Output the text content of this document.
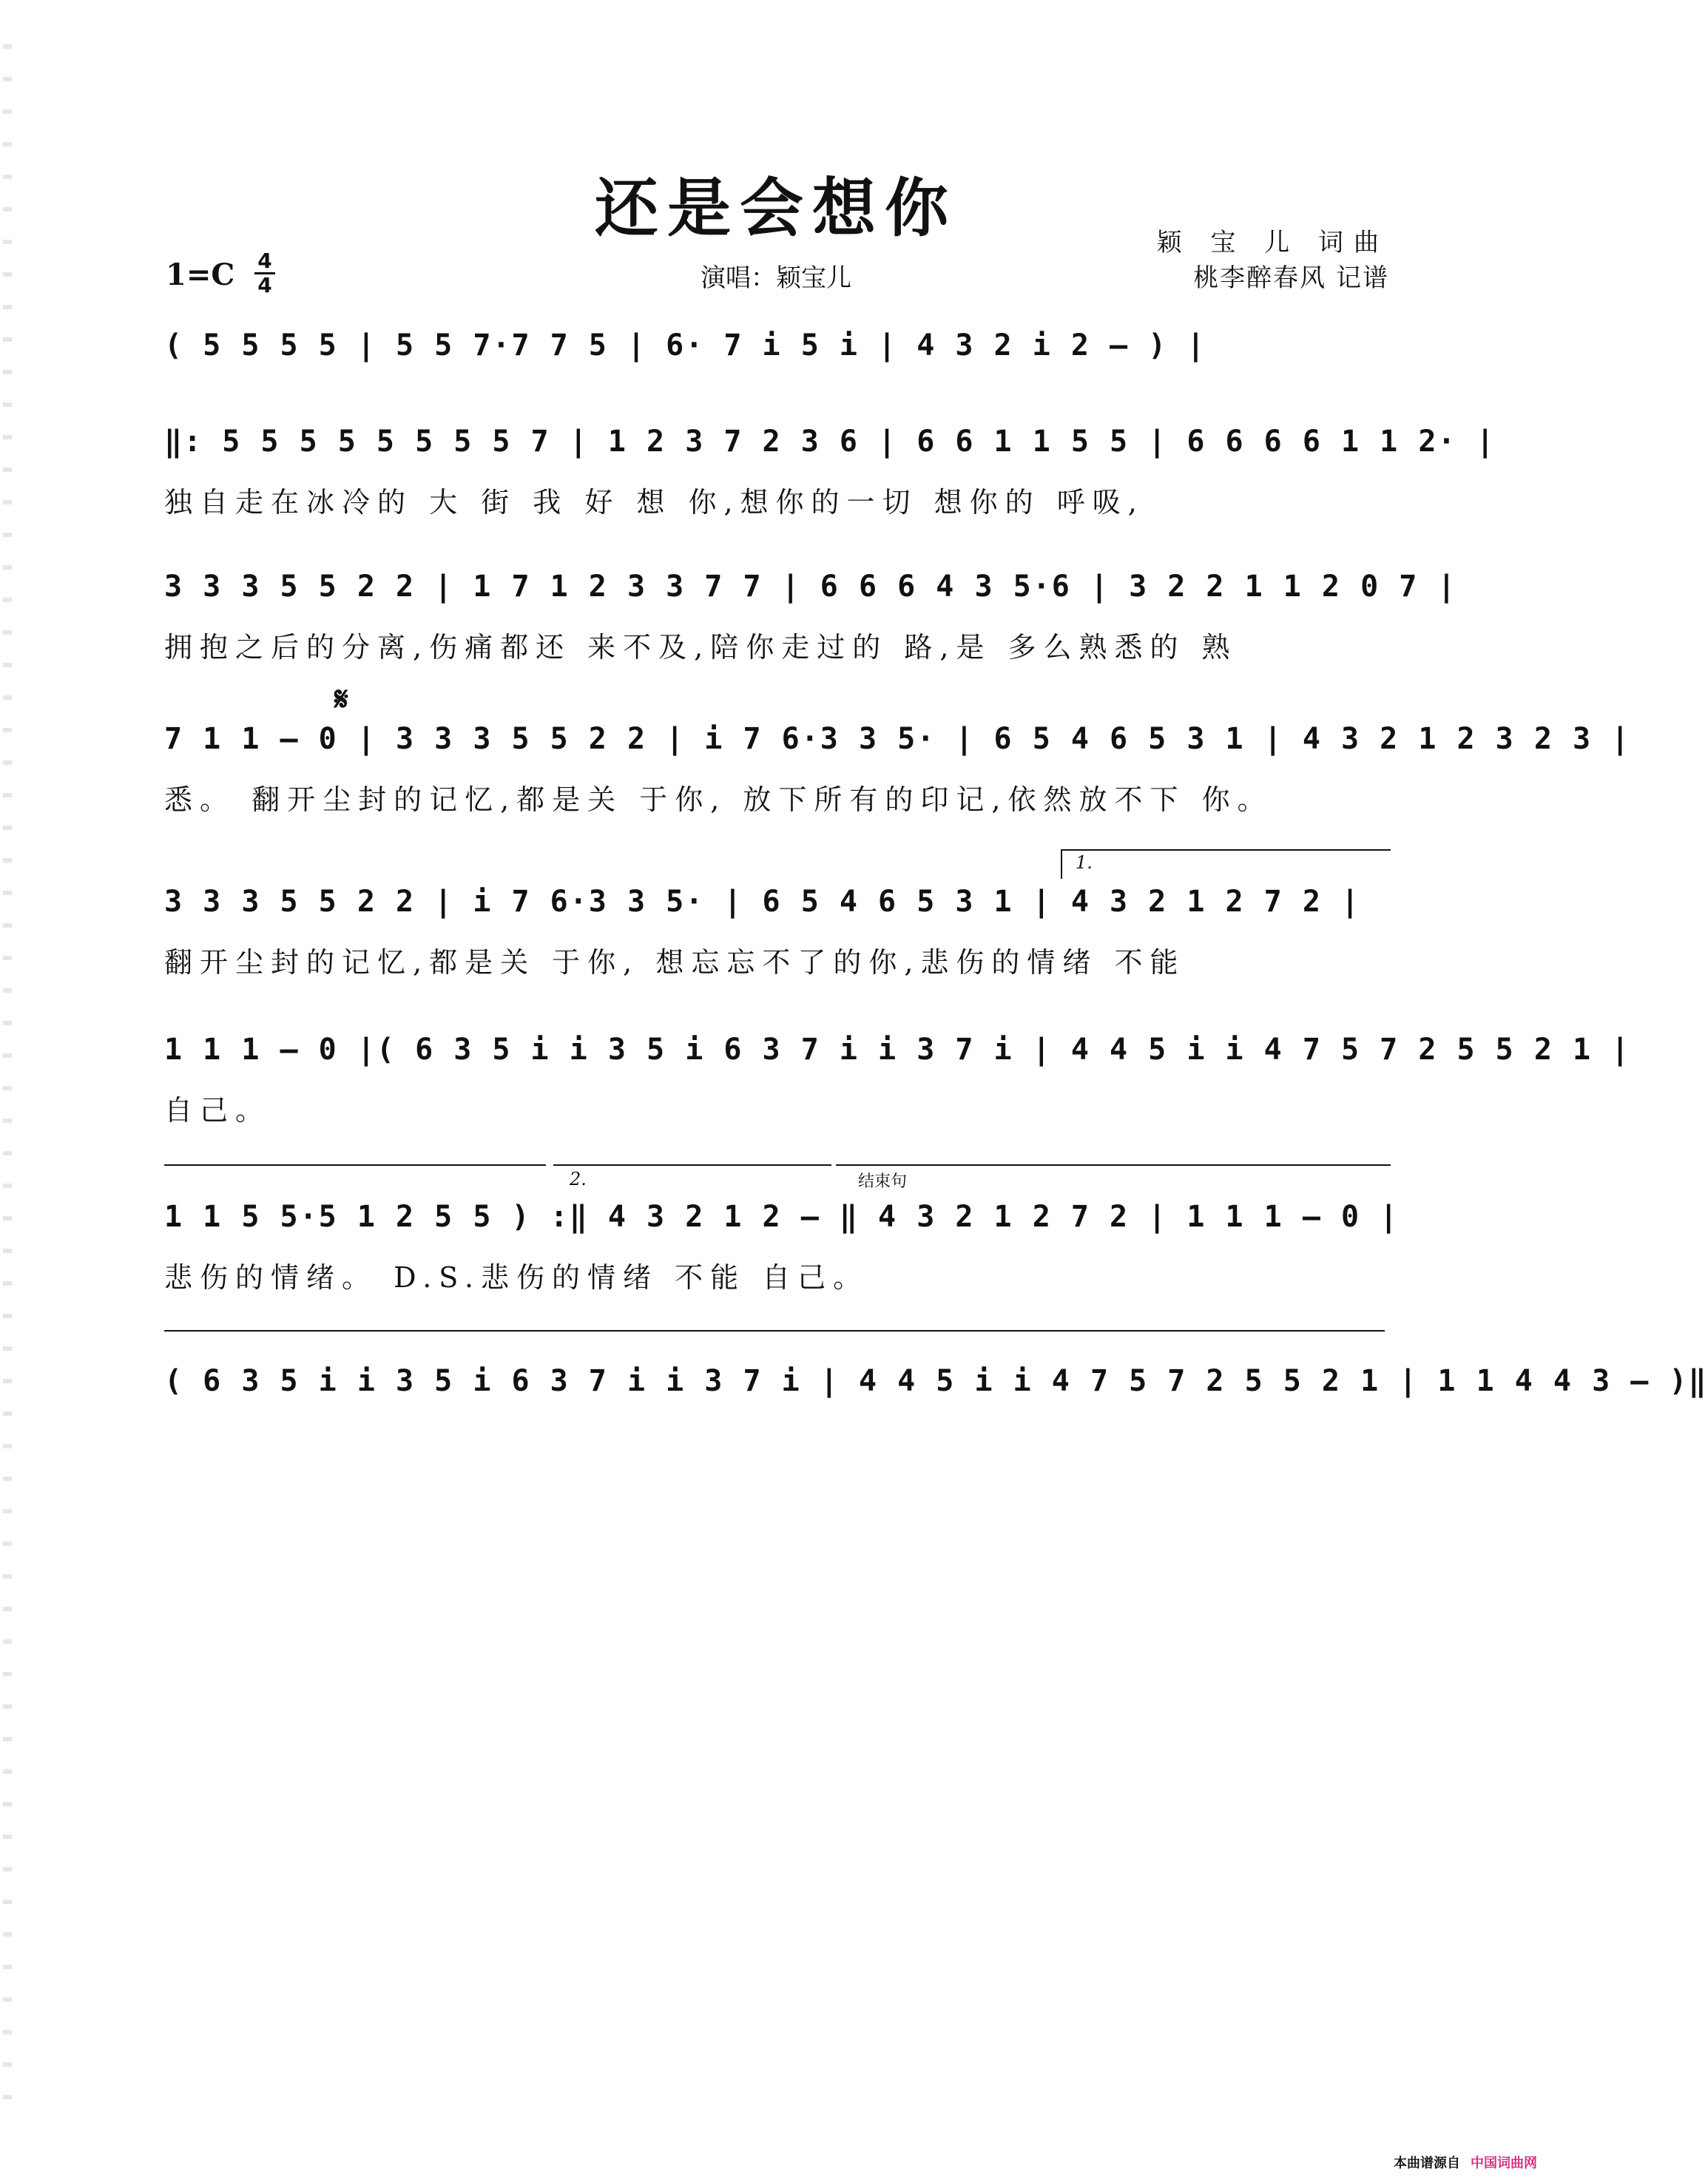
还是会想你
1=C 4
4	演唱：颖宝儿
颖 宝 儿 词曲
桃李醉春风 记谱
( 5 5 5 5 | 5 5 7·7 7 5 | 6· 7 i 5 i | 4 3 2 i 2 – ) |
‖: 5 5 5 5 5 5 5 5 7 | 1 2 3 7 2 3 6 | 6 6 1 1 5 5 | 6 6 6 6 1 1 2· |
独自走在冰冷的 大 街 我 好 想 你,想你的一切 想你的 呼吸,
3 3 3 5 5 2 2 | 1 7 1 2 3 3 7 7 | 6 6 6 4 3 5·6 | 3 2 2 1 1 2 0 7 |
拥抱之后的分离,伤痛都还 来不及,陪你走过的 路,是 多么熟悉的 熟
𝄋
7 1 1 – 0 | 3 3 3 5 5 2 2 | i 7 6·3 3 5· | 6 5 4 6 5 3 1 | 4 3 2 1 2 3 2 3 |
悉。 翻开尘封的记忆,都是关 于你, 放下所有的印记,依然放不下 你。
1.
3 3 3 5 5 2 2 | i 7 6·3 3 5· | 6 5 4 6 5 3 1 | 4 3 2 1 2 7 2 |
翻开尘封的记忆,都是关 于你, 想忘忘不了的你,悲伤的情绪 不能
1 1 1 – 0 |( 6 3 5 i i 3 5 i 6 3 7 i i 3 7 i | 4 4 5 i i 4 7 5 7 2 5 5 2 1 |
自己。
2.	结束句
1 1 5 5·5 1 2 5 5 ) :‖ 4 3 2 1 2 – ‖ 4 3 2 1 2 7 2 | 1 1 1 – 0 |
悲伤的情绪。 D.S.悲伤的情绪 不能 自己。
( 6 3 5 i i 3 5 i 6 3 7 i i 3 7 i | 4 4 5 i i 4 7 5 7 2 5 5 2 1 | 1 1 4 4 3 – )‖
本曲谱源自 中国词曲网
